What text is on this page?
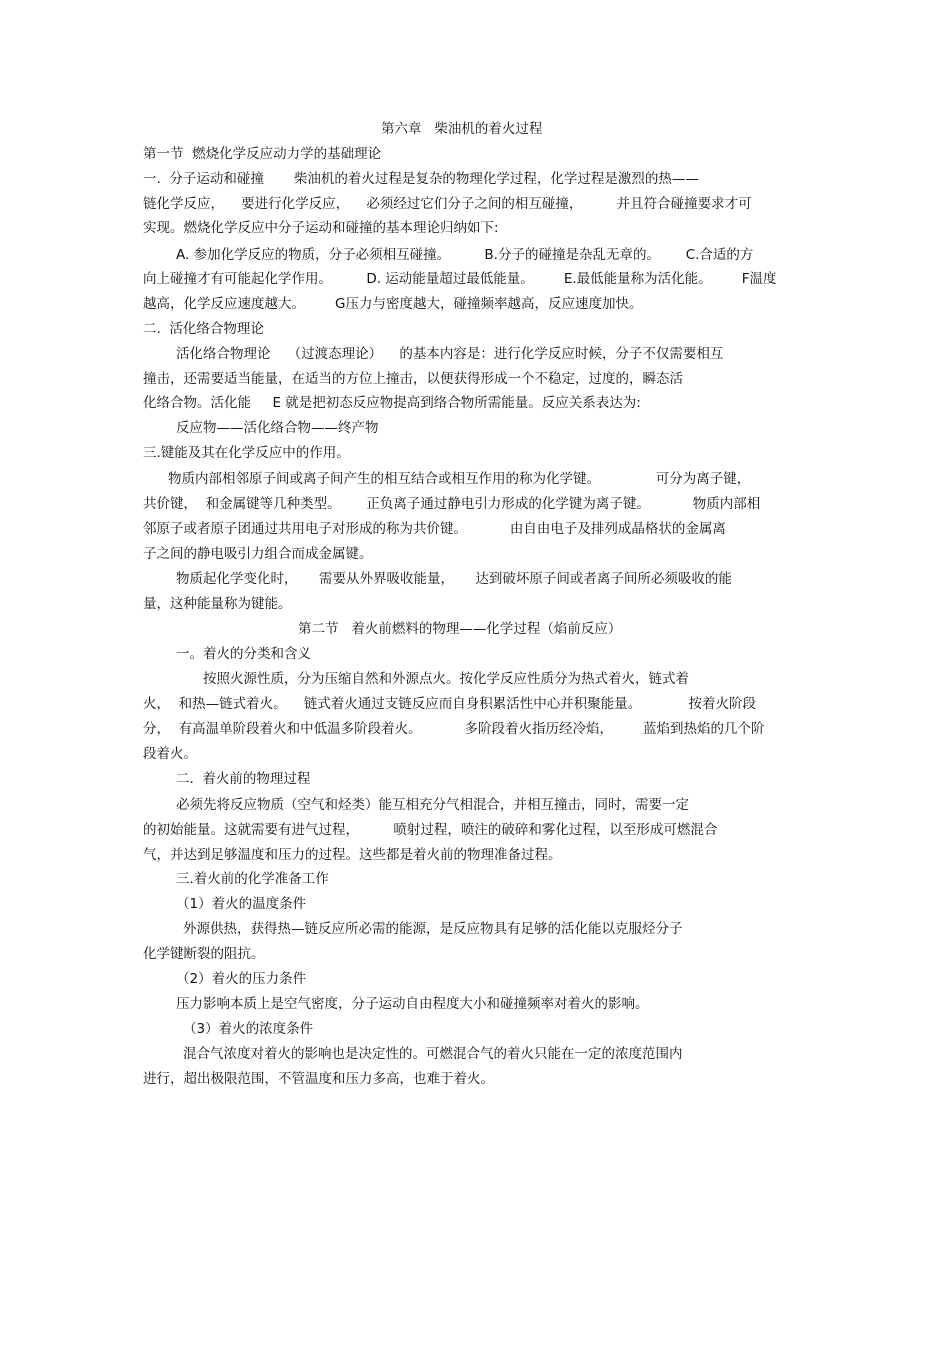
第六章   柴油机的着火过程
第一节  燃烧化学反应动力学的基础理论
一.  分子运动和碰撞       柴油机的着火过程是复杂的物理化学过程，化学过程是激烈的热——
链化学反应，    要进行化学反应，    必须经过它们分子之间的相互碰撞，        并且符合碰撞要求才可
实现。燃烧化学反应中分子运动和碰撞的基本理论归纳如下:
A. 参加化学反应的物质，分子必须相互碰撞。        B.分子的碰撞是杂乱无章的。      C.合适的方
向上碰撞才有可能起化学作用。        D. 运动能量超过最低能量。       E.最低能量称为活化能。       F温度
越高，化学反应速度越大。       G压力与密度越大，碰撞频率越高，反应速度加快。
二.  活化络合物理论
活化络合物理论    （过渡态理论）    的基本内容是：进行化学反应时候，分子不仅需要相互
撞击，还需要适当能量，在适当的方位上撞击，以便获得形成一个不稳定，过度的，瞬态活
化络合物。活化能     E 就是把初态反应物提高到络合物所需能量。反应关系表达为:
反应物——活化络合物——终产物
三.键能及其在化学反应中的作用。
物质内部相邻原子间或离子间产生的相互结合或相互作用的称为化学键。             可分为离子键，
共价键，  和金属键等几种类型。      正负离子通过静电引力形成的化学键为离子键。          物质内部相
邻原子或者原子团通过共用电子对形成的称为共价键。          由自由电子及排列成晶格状的金属离
子之间的静电吸引力组合而成金属键。
物质起化学变化时，     需要从外界吸收能量，     达到破坏原子间或者离子间所必须吸收的能
量，这种能量称为键能。
第二节   着火前燃料的物理——化学过程（焰前反应）
一。着火的分类和含义
按照火源性质，分为压缩自然和外源点火。按化学反应性质分为热式着火，链式着
火，  和热—链式着火。    链式着火通过支链反应而自身积累活性中心并积聚能量。           按着火阶段
分，  有高温单阶段着火和中低温多阶段着火。          多阶段着火指历经冷焰，       蓝焰到热焰的几个阶
段着火。
二.  着火前的物理过程
必须先将反应物质（空气和烃类）能互相充分气相混合，并相互撞击，同时，需要一定
的初始能量。这就需要有进气过程，        喷射过程，喷注的破碎和雾化过程，以至形成可燃混合
气，并达到足够温度和压力的过程。这些都是着火前的物理准备过程。
三.着火前的化学准备工作
（1）着火的温度条件
外源供热，获得热—链反应所必需的能源，是反应物具有足够的活化能以克服烃分子
化学键断裂的阻抗。
（2）着火的压力条件
压力影响本质上是空气密度，分子运动自由程度大小和碰撞频率对着火的影响。
（3）着火的浓度条件
混合气浓度对着火的影响也是决定性的。可燃混合气的着火只能在一定的浓度范围内
进行，超出极限范围，不管温度和压力多高，也难于着火。
